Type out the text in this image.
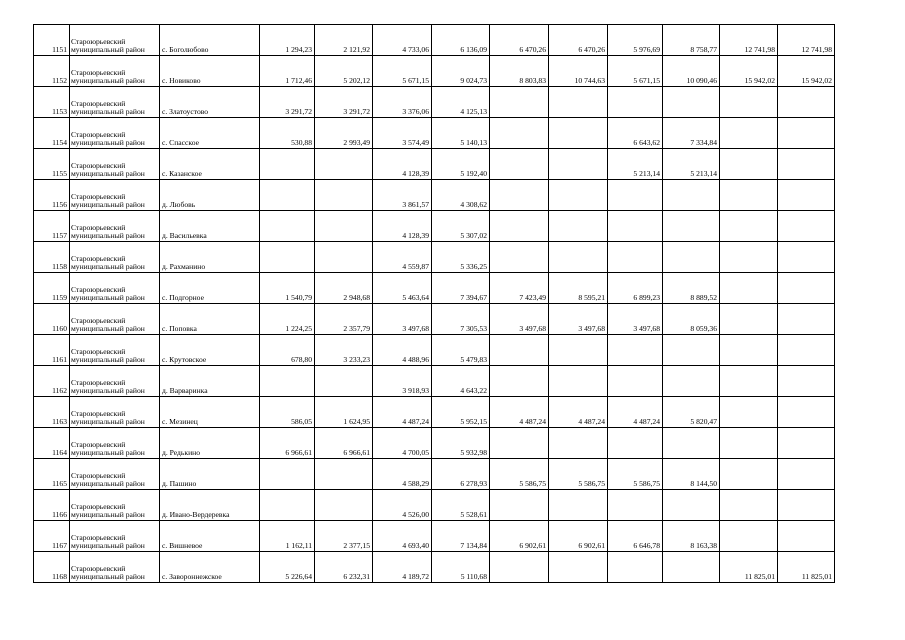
1151	Староюрьевский муниципальный район	с. Боголюбово	1 294,23	2 121,92	4 733,06	6 136,09	6 470,26	6 470,26	5 976,69	8 758,77	12 741,98	12 741,98
1152	Староюрьевский муниципальный район	с. Новиково	1 712,46	5 202,12	5 671,15	9 024,73	8 803,83	10 744,63	5 671,15	10 090,46	15 942,02	15 942,02
1153	Староюрьевский муниципальный район	с. Златоустово	3 291,72	3 291,72	3 376,06	4 125,13						
1154	Староюрьевский муниципальный район	с. Спасское	530,88	2 993,49	3 574,49	5 140,13			6 643,62	7 334,84		
1155	Староюрьевский муниципальный район	с. Казанское			4 128,39	5 192,40			5 213,14	5 213,14		
1156	Староюрьевский муниципальный район	д. Любовь			3 861,57	4 308,62						
1157	Староюрьевский муниципальный район	д. Васильевка			4 128,39	5 307,02						
1158	Староюрьевский муниципальный район	д. Рахманино			4 559,87	5 336,25						
1159	Староюрьевский муниципальный район	с. Подгорное	1 540,79	2 948,68	5 463,64	7 394,67	7 423,49	8 595,21	6 899,23	8 889,52		
1160	Староюрьевский муниципальный район	с. Поповка	1 224,25	2 357,79	3 497,68	7 305,53	3 497,68	3 497,68	3 497,68	8 059,36		
1161	Староюрьевский муниципальный район	с. Крутовское	678,80	3 233,23	4 488,96	5 479,83						
1162	Староюрьевский муниципальный район	д. Варваринка			3 918,93	4 643,22						
1163	Староюрьевский муниципальный район	с. Мезинец	586,05	1 624,95	4 487,24	5 952,15	4 487,24	4 487,24	4 487,24	5 820,47		
1164	Староюрьевский муниципальный район	д. Редькино	6 966,61	6 966,61	4 700,05	5 932,98						
1165	Староюрьевский муниципальный район	д. Пашино			4 588,29	6 278,93	5 586,75	5 586,75	5 586,75	8 144,50		
1166	Староюрьевский муниципальный район	д. Ивано-Вердеревка			4 526,00	5 528,61						
1167	Староюрьевский муниципальный район	с. Вишневое	1 162,11	2 377,15	4 693,40	7 134,84	6 902,61	6 902,61	6 646,78	8 163,38		
1168	Староюрьевский муниципальный район	с. Завороннежское	5 226,64	6 232,31	4 189,72	5 110,68					11 825,01	11 825,01
